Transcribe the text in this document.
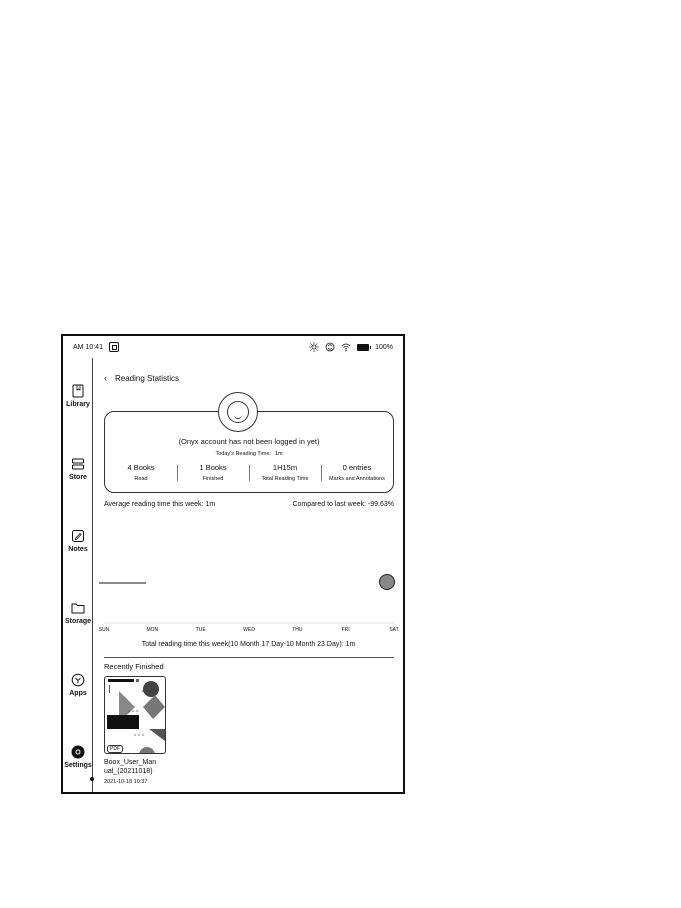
AM 10:41	100%
Library
Store
Notes
Storage
Apps
Settings
‹ Reading Statistics
(Onyx account has not been logged in yet)
Today's Reading Time：1m
4 Books
Read
1 Books
Finished
1H15m
Total Reading Time
0 entries
Marks and Annotations
Average reading time this week: 1m	Compared to last week: -99.63%
SUN	MON	TUE	WED	THU	FRI	SAT
Total reading time this week(10 Month 17 Day-10 Month 23 Day): 1m
Recently Finished
PDF
Boox_User_Man
ual_(20211018)
2021-10-18 10:37
